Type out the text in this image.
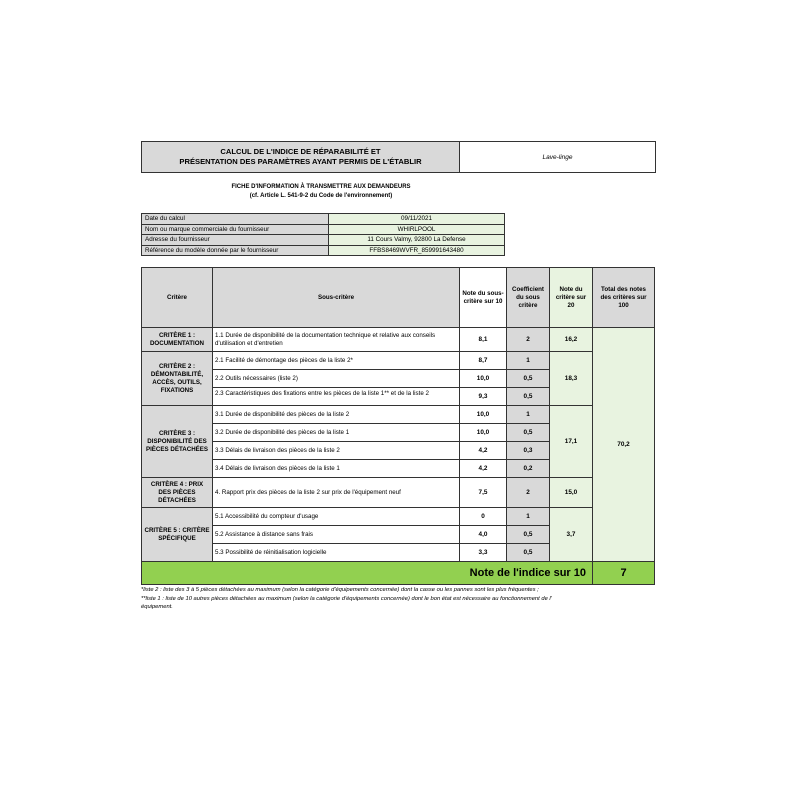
CALCUL DE L'INDICE DE RÉPARABILITÉ ET
PRÉSENTATION DES PARAMÈTRES AYANT PERMIS DE L'ÉTABLIR	Lave-linge
FICHE D'INFORMATION À TRANSMETTRE AUX DEMANDEURS
(cf. Article L. 541-9-2 du Code de l'environnement)
Date du calcul	09/11/2021
Nom ou marque commerciale du fournisseur	WHIRLPOOL
Adresse du fournisseur	11 Cours Valmy, 92800 La Defense
Référence du modèle donnée par le fournisseur	FFBS8469WVFR_859991643480
Critère	Sous-critère	Note du sous-critère sur 10	Coefficient du sous critère	Note du critère sur 20	Total des notes des critères sur 100
CRITÈRE 1 : DOCUMENTATION	1.1 Durée de disponibilité de la documentation technique et relative aux conseils d'utilisation et d'entretien	8,1	2	16,2	70,2
CRITÈRE 2 : DÉMONTABILITÉ, ACCÈS, OUTILS, FIXATIONS	2.1 Facilité de démontage des pièces de la liste 2*	8,7	1	18,3	
	2.2 Outils nécessaires (liste 2)	10,0	0,5		

	2.3 Caractéristiques des fixations entre les pièces de la liste 1** et de la liste 2	9,3	0,5		
CRITÈRE 3 : DISPONIBILITÉ DES PIÈCES DÉTACHÉES	3.1 Durée de disponibilité des pièces de la liste 2	10,0	1	17,1	
	3.2 Durée de disponibilité des pièces de la liste 1	10,0	0,5		
	3.3 Délais de livraison des pièces de la liste 2	4,2	0,3		
	3.4 Délais de livraison des pièces de la liste 1	4,2	0,2		
CRITÈRE 4 : PRIX DES PIÈCES DÉTACHÉES	4. Rapport prix des pièces de la liste 2 sur prix de l'équipement neuf	7,5	2	15,0	
CRITÈRE 5 : CRITÈRE SPÉCIFIQUE	5.1 Accessibilité du compteur d'usage	0	1	3,7	
	5.2 Assistance à distance sans frais	4,0	0,5		
	5.3 Possibilité de réinitialisation logicielle	3,3	0,5		
Note de l'indice sur 10					7
*liste 2 : liste des 3 à 5 pièces détachées au maximum (selon la catégorie d'équipements concernée) dont la casse ou les pannes sont les plus fréquentes ;
**liste 1 : liste de 10 autres pièces détachées au maximum (selon la catégorie d'équipements concernée) dont le bon état est nécessaire au fonctionnement de l'
équipement.
